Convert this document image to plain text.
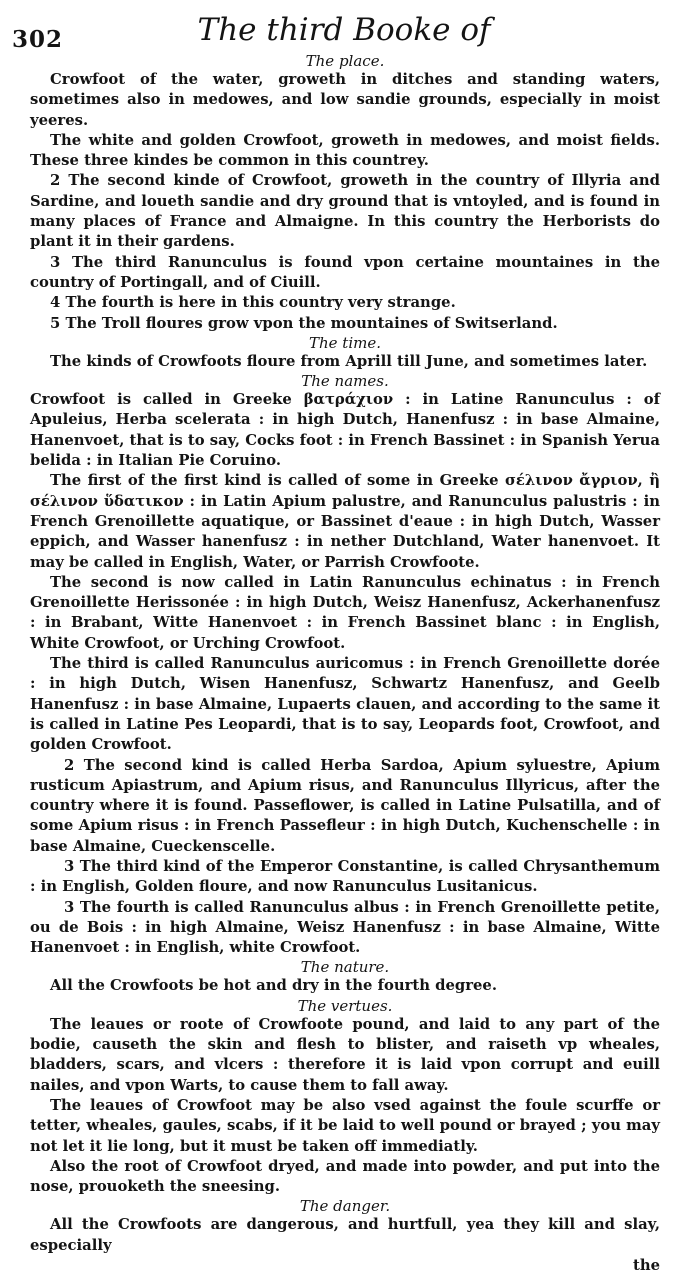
302	The third Booke of
The place.

Crowfoot of the water, groweth in ditches and standing waters, sometimes also in medowes, and low sandie grounds, especially in moist yeeres.

The white and golden Crowfoot, groweth in medowes, and moist fields. These three kindes be common in this countrey.

2 The second kinde of Crowfoot, groweth in the country of Illyria and Sardine, and loueth sandie and dry ground that is vntoyled, and is found in many places of France and Almaigne. In this country the Herborists do plant it in their gardens.

3 The third Ranunculus is found vpon certaine mountaines in the country of Portingall, and of Ciuill.

4 The fourth is here in this country very strange.

5 The Troll floures grow vpon the mountaines of Switserland.

The time.

The kinds of Crowfoots floure from Aprill till June, and sometimes later.

The names.

Crowfoot is called in Greeke βατράχιον : in Latine Ranunculus : of Apuleius, Herba scelerata : in high Dutch, Hanenfusz : in base Almaine, Hanenvoet, that is to say, Cocks foot : in French Bassinet : in Spanish Yerua belida : in Italian Pie Coruino.

The first of the first kind is called of some in Greeke σέλινον ἄγριον, ἢ σέλινον ὕδατικον : in Latin Apium palustre, and Ranunculus palustris : in French Grenoillette aquatique, or Bassinet d'eaue : in high Dutch, Wasser eppich, and Wasser hanenfusz : in nether Dutchland, Water hanenvoet. It may be called in English, Water, or Parrish Crowfoote.

The second is now called in Latin Ranunculus echinatus : in French Grenoillette Herissonée : in high Dutch, Weisz Hanenfusz, Ackerhanenfusz : in Brabant, Witte Hanenvoet : in French Bassinet blanc : in English, White Crowfoot, or Urching Crowfoot.

The third is called Ranunculus auricomus : in French Grenoillette dorée : in high Dutch, Wisen Hanenfusz, Schwartz Hanenfusz, and Geelb Hanenfusz : in base Almaine, Lupaerts clauen, and according to the same it is called in Latine Pes Leopardi, that is to say, Leopards foot, Crowfoot, and golden Crowfoot.

2 The second kind is called Herba Sardoa, Apium syluestre, Apium rusticum Apiastrum, and Apium risus, and Ranunculus Illyricus, after the country where it is found. Passeflower, is called in Latine Pulsatilla, and of some Apium risus : in French Passefleur : in high Dutch, Kuchenschelle : in base Almaine, Cueckenscelle.

3 The third kind of the Emperor Constantine, is called Chrysanthemum : in English, Golden floure, and now Ranunculus Lusitanicus.

3 The fourth is called Ranunculus albus : in French Grenoillette petite, ou de Bois : in high Almaine, Weisz Hanenfusz : in base Almaine, Witte Hanenvoet : in English, white Crowfoot.

The nature.

All the Crowfoots be hot and dry in the fourth degree.

The vertues.

The leaues or roote of Crowfoote pound, and laid to any part of the bodie, causeth the skin and flesh to blister, and raiseth vp wheales, bladders, scars, and vlcers : therefore it is laid vpon corrupt and euill nailes, and vpon Warts, to cause them to fall away.

The leaues of Crowfoot may be also vsed against the foule scurffe or tetter, wheales, gaules, scabs, if it be laid to well pound or brayed ; you may not let it lie long, but it must be taken off immediatly.

Also the root of Crowfoot dryed, and made into powder, and put into the nose, prouoketh the sneesing.

The danger.

All the Crowfoots are dangerous, and hurtfull, yea they kill and slay, especially

the
